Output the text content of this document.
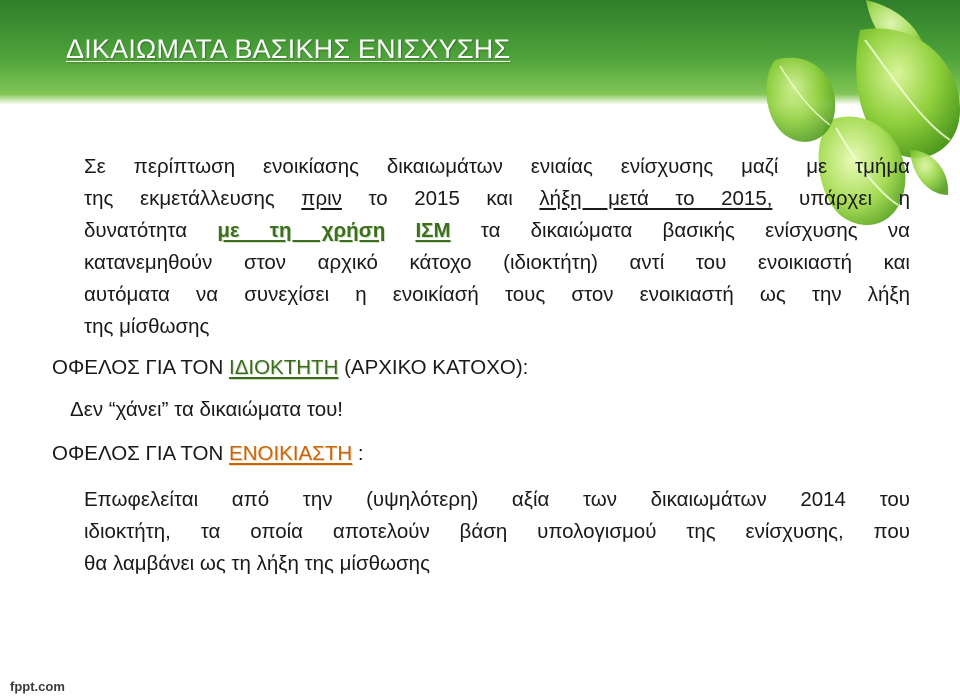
ΔΙΚΑΙΩΜΑΤΑ ΒΑΣΙΚΗΣ ΕΝΙΣΧΥΣΗΣ
Σε περίπτωση ενοικίασης δικαιωμάτων ενιαίας ενίσχυσης μαζί με τμήμα
της εκμετάλλευσης πριν το 2015 και λήξη μετά το 2015, υπάρχει η
δυνατότητα με τη χρήση ΙΣΜ τα δικαιώματα βασικής ενίσχυσης να
κατανεμηθούν στον αρχικό κάτοχο (ιδιοκτήτη) αντί του ενοικιαστή και
αυτόματα να συνεχίσει η ενοικίασή τους στον ενοικιαστή ως την λήξη
της μίσθωσης
ΟΦΕΛΟΣ ΓΙΑ ΤΟΝ ΙΔΙΟΚΤΗΤΗ (ΑΡΧΙΚΟ ΚΑΤΟΧΟ):
Δεν “χάνει” τα δικαιώματα του!
ΟΦΕΛΟΣ ΓΙΑ ΤΟΝ ΕΝΟΙΚΙΑΣΤΗ :
Επωφελείται από την (υψηλότερη) αξία των δικαιωμάτων 2014 του
ιδιοκτήτη, τα οποία αποτελούν βάση υπολογισμού της ενίσχυσης, που
θα λαμβάνει ως τη λήξη της μίσθωσης
fppt.com
